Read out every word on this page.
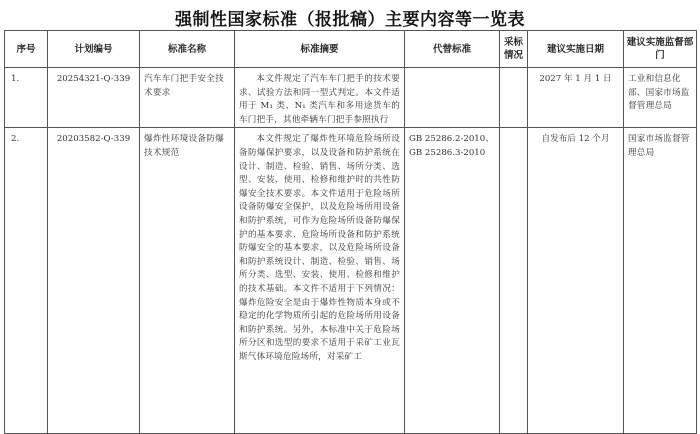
强制性国家标准（报批稿）主要内容等一览表
序号	计划编号	标准名称	标准摘要	代替标准	采标情况	建议实施日期	建议实施监督部门
1.	20254321-Q-339	汽车车门把手安全技术要求	本文件规定了汽车车门把手的技术要求、试验方法和同一型式判定。本文件适用于 M₁ 类、N₁ 类汽车和多用途货车的车门把手，其他牵辆车门把手参照执行			2027 年 1 月 1 日	工业和信息化部、国家市场监督管理总局
2.	20203582-Q-339	爆炸性环境设备防爆技术规范	本文件规定了爆炸性环境危险场所设备防爆保护要求，以及设备和防护系统在设计、制造、检验、销售、场所分类、选型、安装、使用、检修和维护时的共性防爆安全技术要求。本文件适用于危险场所设备防爆安全保护，以及危险场所用设备和防护系统，可作为危险场所设备防爆保护的基本要求、危险场所设备和防护系统防爆安全的基本要求，以及危险场所设备和防护系统设计、制造、检验、销售、场所分类、选型、安装、使用、检修和维护的技术基础。本文件不适用于下列情况：爆炸危险安全是由于爆炸性物质本身或不稳定的化学物质所引起的危险场所用设备和防护系统。另外，本标准中关于危险场所分区和选型的要求不适用于采矿工业瓦斯气体环境危险场所，对采矿工	GB 25286.2-2010、GB 25286.3-2010		自发布后 12 个月	国家市场监督管理总局
